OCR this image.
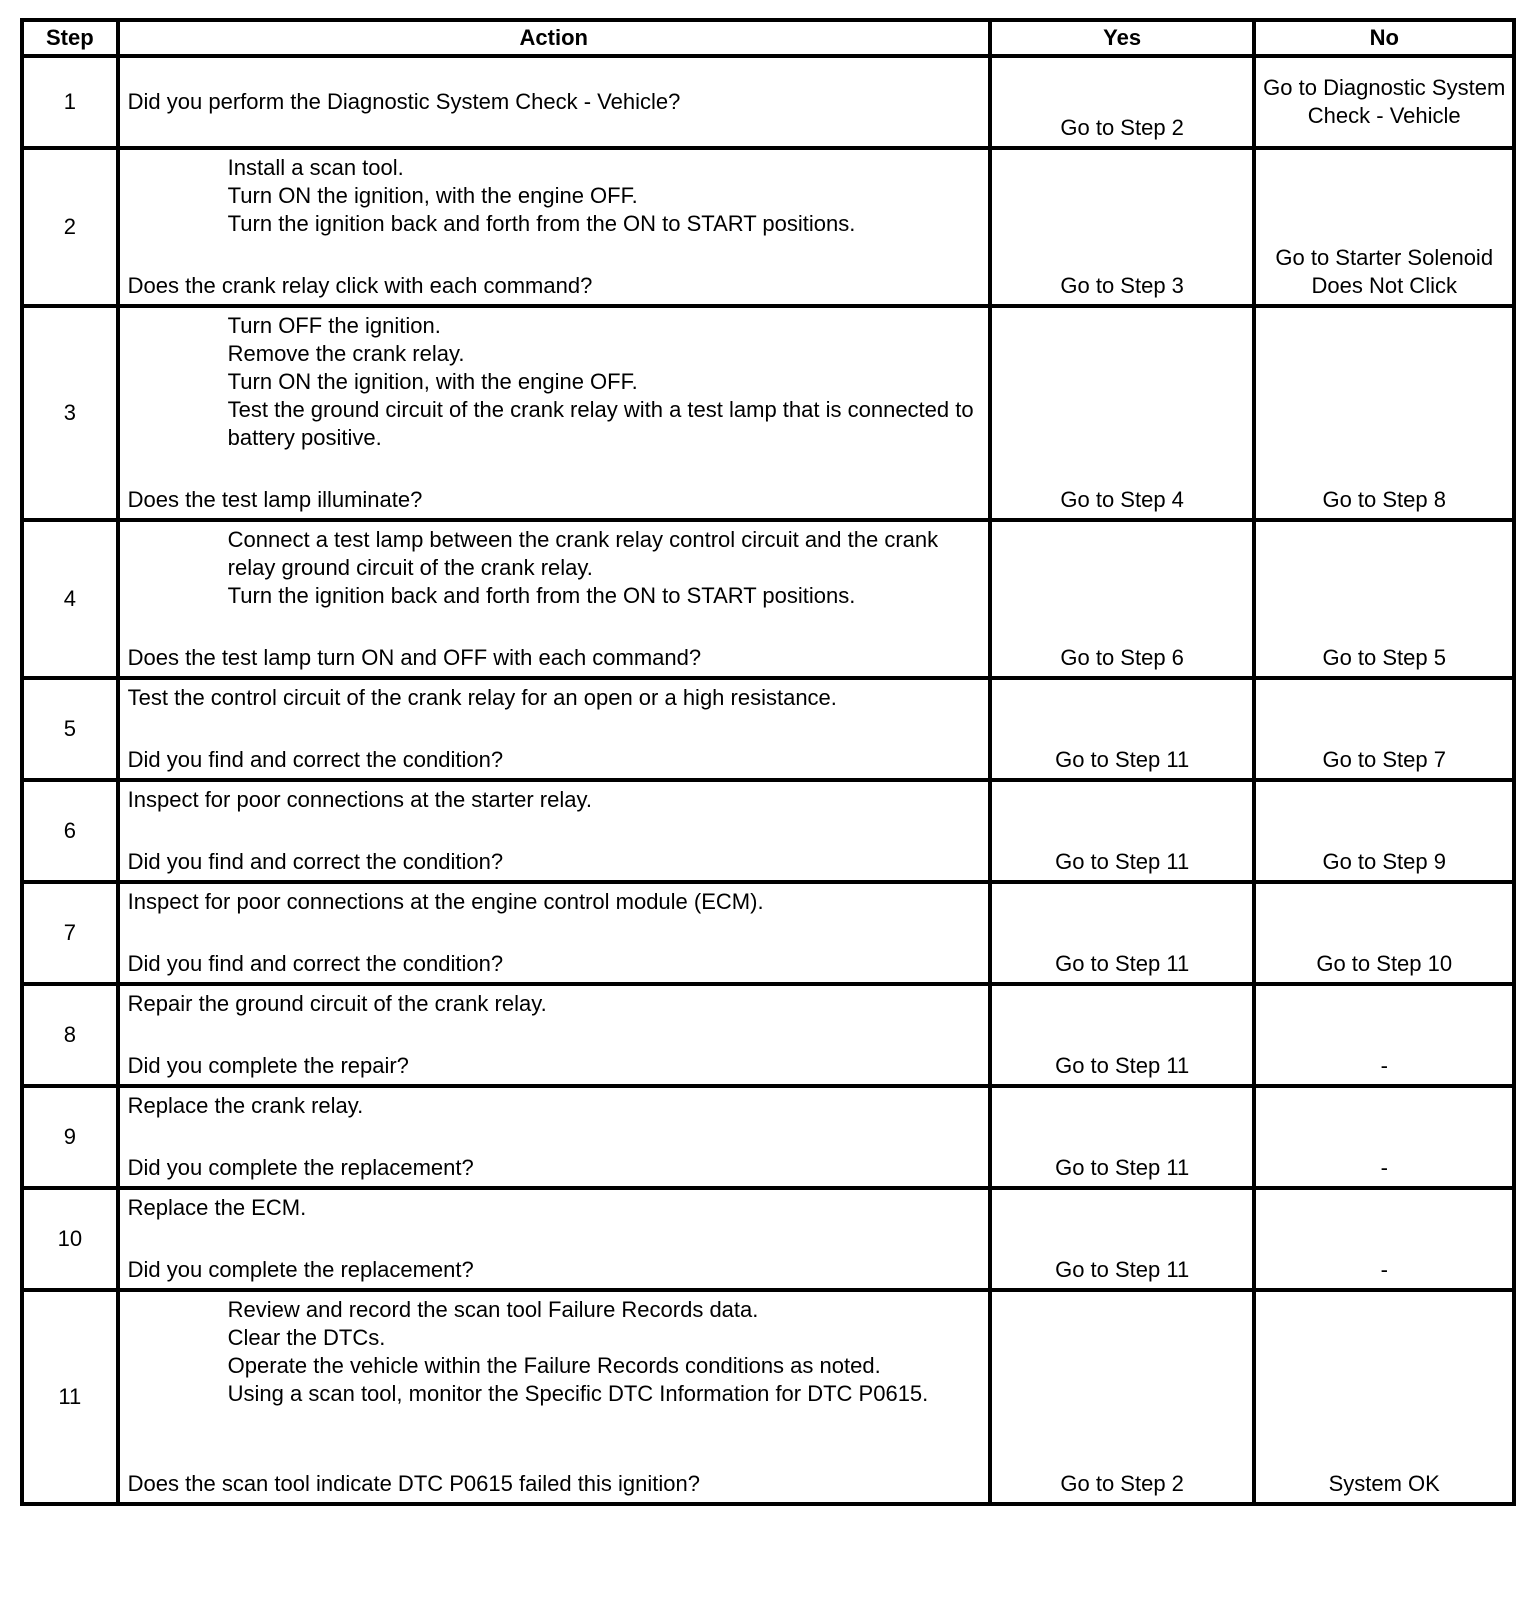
Step	Action	Yes	No
1	Did you perform the Diagnostic System Check - Vehicle?	Go to Step 2	Go to Diagnostic System Check - Vehicle

2	Install a scan tool.
Turn ON the ignition, with the engine OFF.
Turn the ignition back and forth from the ON to START positions.
Does the crank relay click with each command?	Go to Step 3	Go to Starter Solenoid Does Not Click

3	Turn OFF the ignition.
Remove the crank relay.
Turn ON the ignition, with the engine OFF.
Test the ground circuit of the crank relay with a test lamp that is connected to battery positive.
Does the test lamp illuminate?	Go to Step 4	Go to Step 8

4	Connect a test lamp between the crank relay control circuit and the crank relay ground circuit of the crank relay.
Turn the ignition back and forth from the ON to START positions.
Does the test lamp turn ON and OFF with each command?	Go to Step 6	Go to Step 5

5	Test the control circuit of the crank relay for an open or a high resistance.
Did you find and correct the condition?	Go to Step 11	Go to Step 7

6	Inspect for poor connections at the starter relay.
Did you find and correct the condition?	Go to Step 11	Go to Step 9

7	Inspect for poor connections at the engine control module (ECM).
Did you find and correct the condition?	Go to Step 11	Go to Step 10

8	Repair the ground circuit of the crank relay.
Did you complete the repair?	Go to Step 11	-

9	Replace the crank relay.
Did you complete the replacement?	Go to Step 11	-

10	Replace the ECM.
Did you complete the replacement?	Go to Step 11	-

11	Review and record the scan tool Failure Records data.
Clear the DTCs.
Operate the vehicle within the Failure Records conditions as noted.
Using a scan tool, monitor the Specific DTC Information for DTC P0615.
Does the scan tool indicate DTC P0615 failed this ignition?	Go to Step 2	System OK
